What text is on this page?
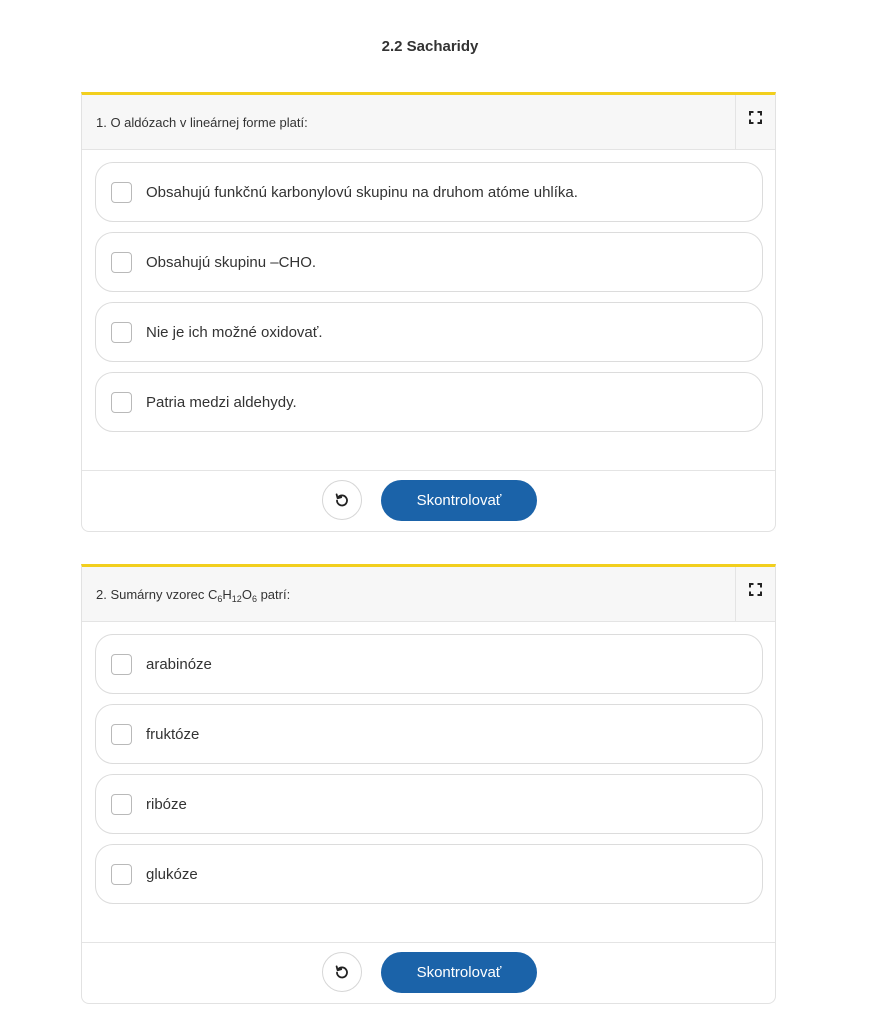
2.2 Sacharidy
1. O aldózach v lineárnej forme platí:
Obsahujú funkčnú karbonylovú skupinu na druhom atóme uhlíka.
Obsahujú skupinu –CHO.
Nie je ich možné oxidovať.
Patria medzi aldehydy.
Skontrolovať
2. Sumárny vzorec $C_6H_{12}O_6$ patrí:
arabinóze
fruktóze
ribóze
glukóze
Skontrolovať
